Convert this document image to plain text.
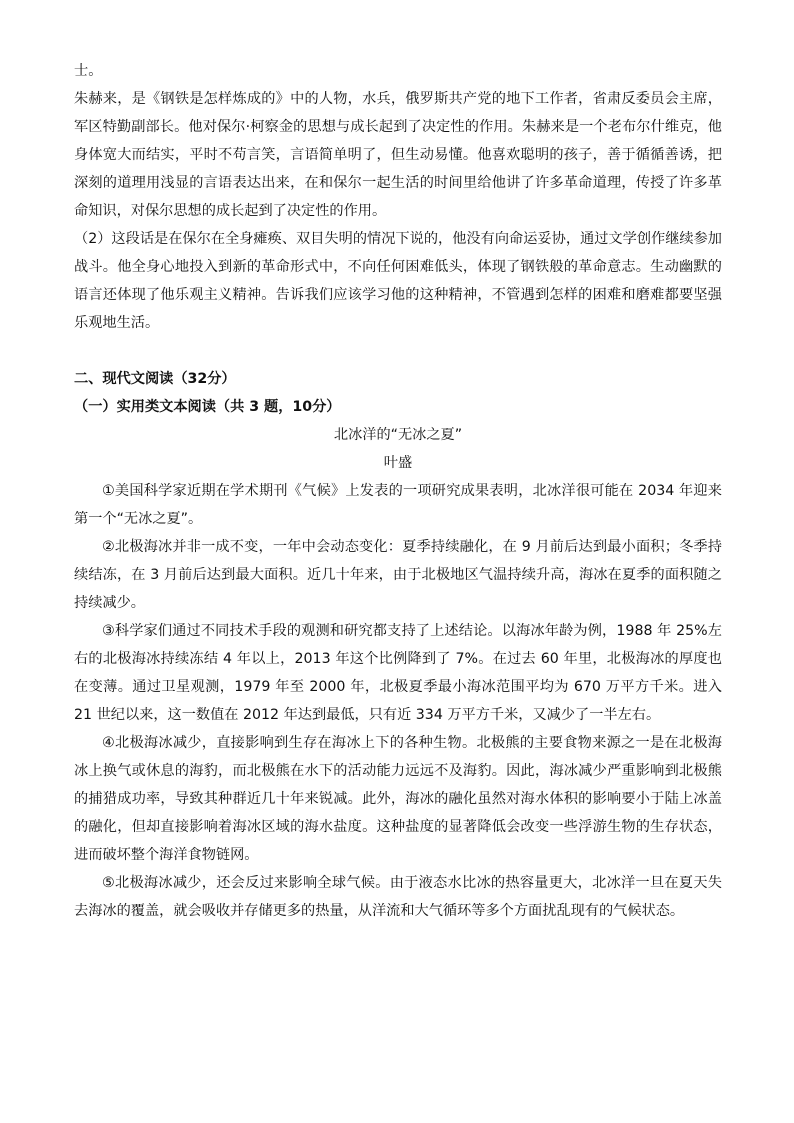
士。

朱赫来，是《钢铁是怎样炼成的》中的人物，水兵，俄罗斯共产党的地下工作者，省肃反委员会主席，军区特勤副部长。他对保尔·柯察金的思想与成长起到了决定性的作用。朱赫来是一个老布尔什维克，他身体宽大而结实，平时不苟言笑，言语简单明了，但生动易懂。他喜欢聪明的孩子，善于循循善诱，把深刻的道理用浅显的言语表达出来，在和保尔一起生活的时间里给他讲了许多革命道理，传授了许多革命知识，对保尔思想的成长起到了决定性的作用。

（2）这段话是在保尔在全身瘫痪、双目失明的情况下说的，他没有向命运妥协，通过文学创作继续参加战斗。他全身心地投入到新的革命形式中，不向任何困难低头，体现了钢铁般的革命意志。生动幽默的语言还体现了他乐观主义精神。告诉我们应该学习他的这种精神，不管遇到怎样的困难和磨难都要坚强乐观地生活。

二、现代文阅读（32分）

（一）实用类文本阅读（共 3 题，10分）

北冰洋的“无冰之夏”

叶盛

①美国科学家近期在学术期刊《气候》上发表的一项研究成果表明，北冰洋很可能在 2034 年迎来第一个“无冰之夏”。

②北极海冰并非一成不变，一年中会动态变化：夏季持续融化，在 9 月前后达到最小面积；冬季持续结冻，在 3 月前后达到最大面积。近几十年来，由于北极地区气温持续升高，海冰在夏季的面积随之持续减少。

③科学家们通过不同技术手段的观测和研究都支持了上述结论。以海冰年龄为例，1988 年 25%左右的北极海冰持续冻结 4 年以上，2013 年这个比例降到了 7%。在过去 60 年里，北极海冰的厚度也在变薄。通过卫星观测，1979 年至 2000 年，北极夏季最小海冰范围平均为 670 万平方千米。进入 21 世纪以来，这一数值在 2012 年达到最低，只有近 334 万平方千米，又减少了一半左右。

④北极海冰减少，直接影响到生存在海冰上下的各种生物。北极熊的主要食物来源之一是在北极海冰上换气或休息的海豹，而北极熊在水下的活动能力远远不及海豹。因此，海冰减少严重影响到北极熊的捕猎成功率，导致其种群近几十年来锐减。此外，海冰的融化虽然对海水体积的影响要小于陆上冰盖的融化，但却直接影响着海冰区域的海水盐度。这种盐度的显著降低会改变一些浮游生物的生存状态，进而破坏整个海洋食物链网。

⑤北极海冰减少，还会反过来影响全球气候。由于液态水比冰的热容量更大，北冰洋一旦在夏天失去海冰的覆盖，就会吸收并存储更多的热量，从洋流和大气循环等多个方面扰乱现有的气候状态。
